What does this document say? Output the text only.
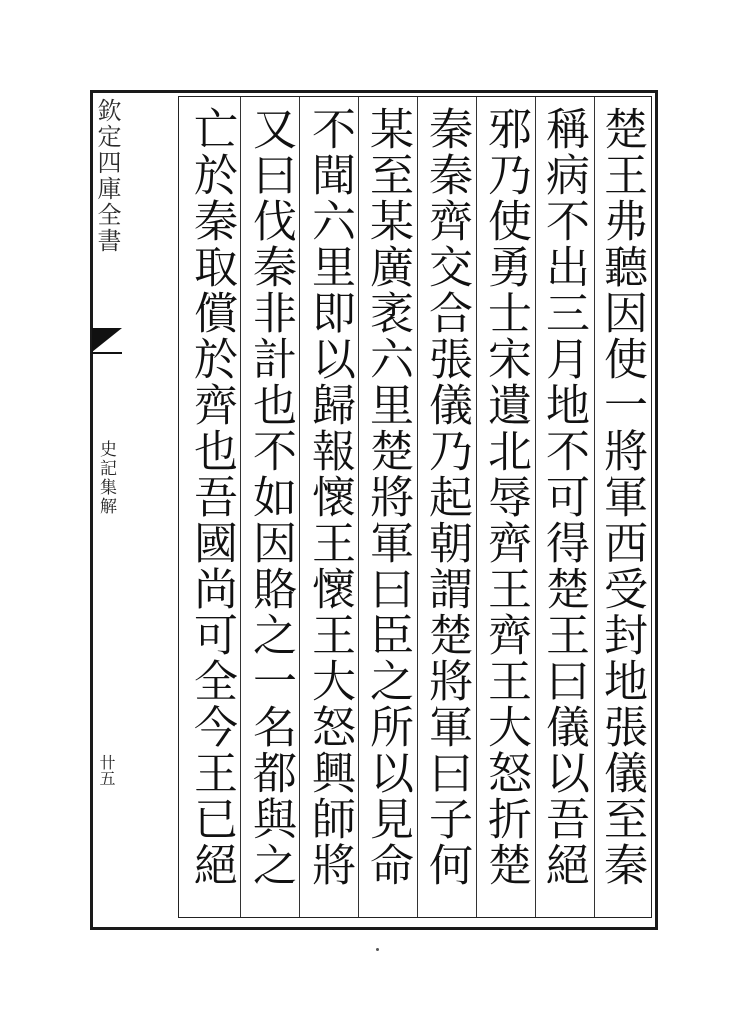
欽定四庫全書
史記集解
卄五
楚王弗聽因使一將軍西受封地張儀至秦
稱病不出三月地不可得楚王曰儀以吾絕
邪乃使勇士宋遺北辱齊王齊王大怒折楚
秦秦齊交合張儀乃起朝謂楚將軍曰子何
某至某廣袤六里楚將軍曰臣之所以見命
不聞六里即以歸報懷王懷王大怒興師將
又曰伐秦非計也不如因賂之一名都與之
亡於秦取償於齊也吾國尚可全今王已絕
